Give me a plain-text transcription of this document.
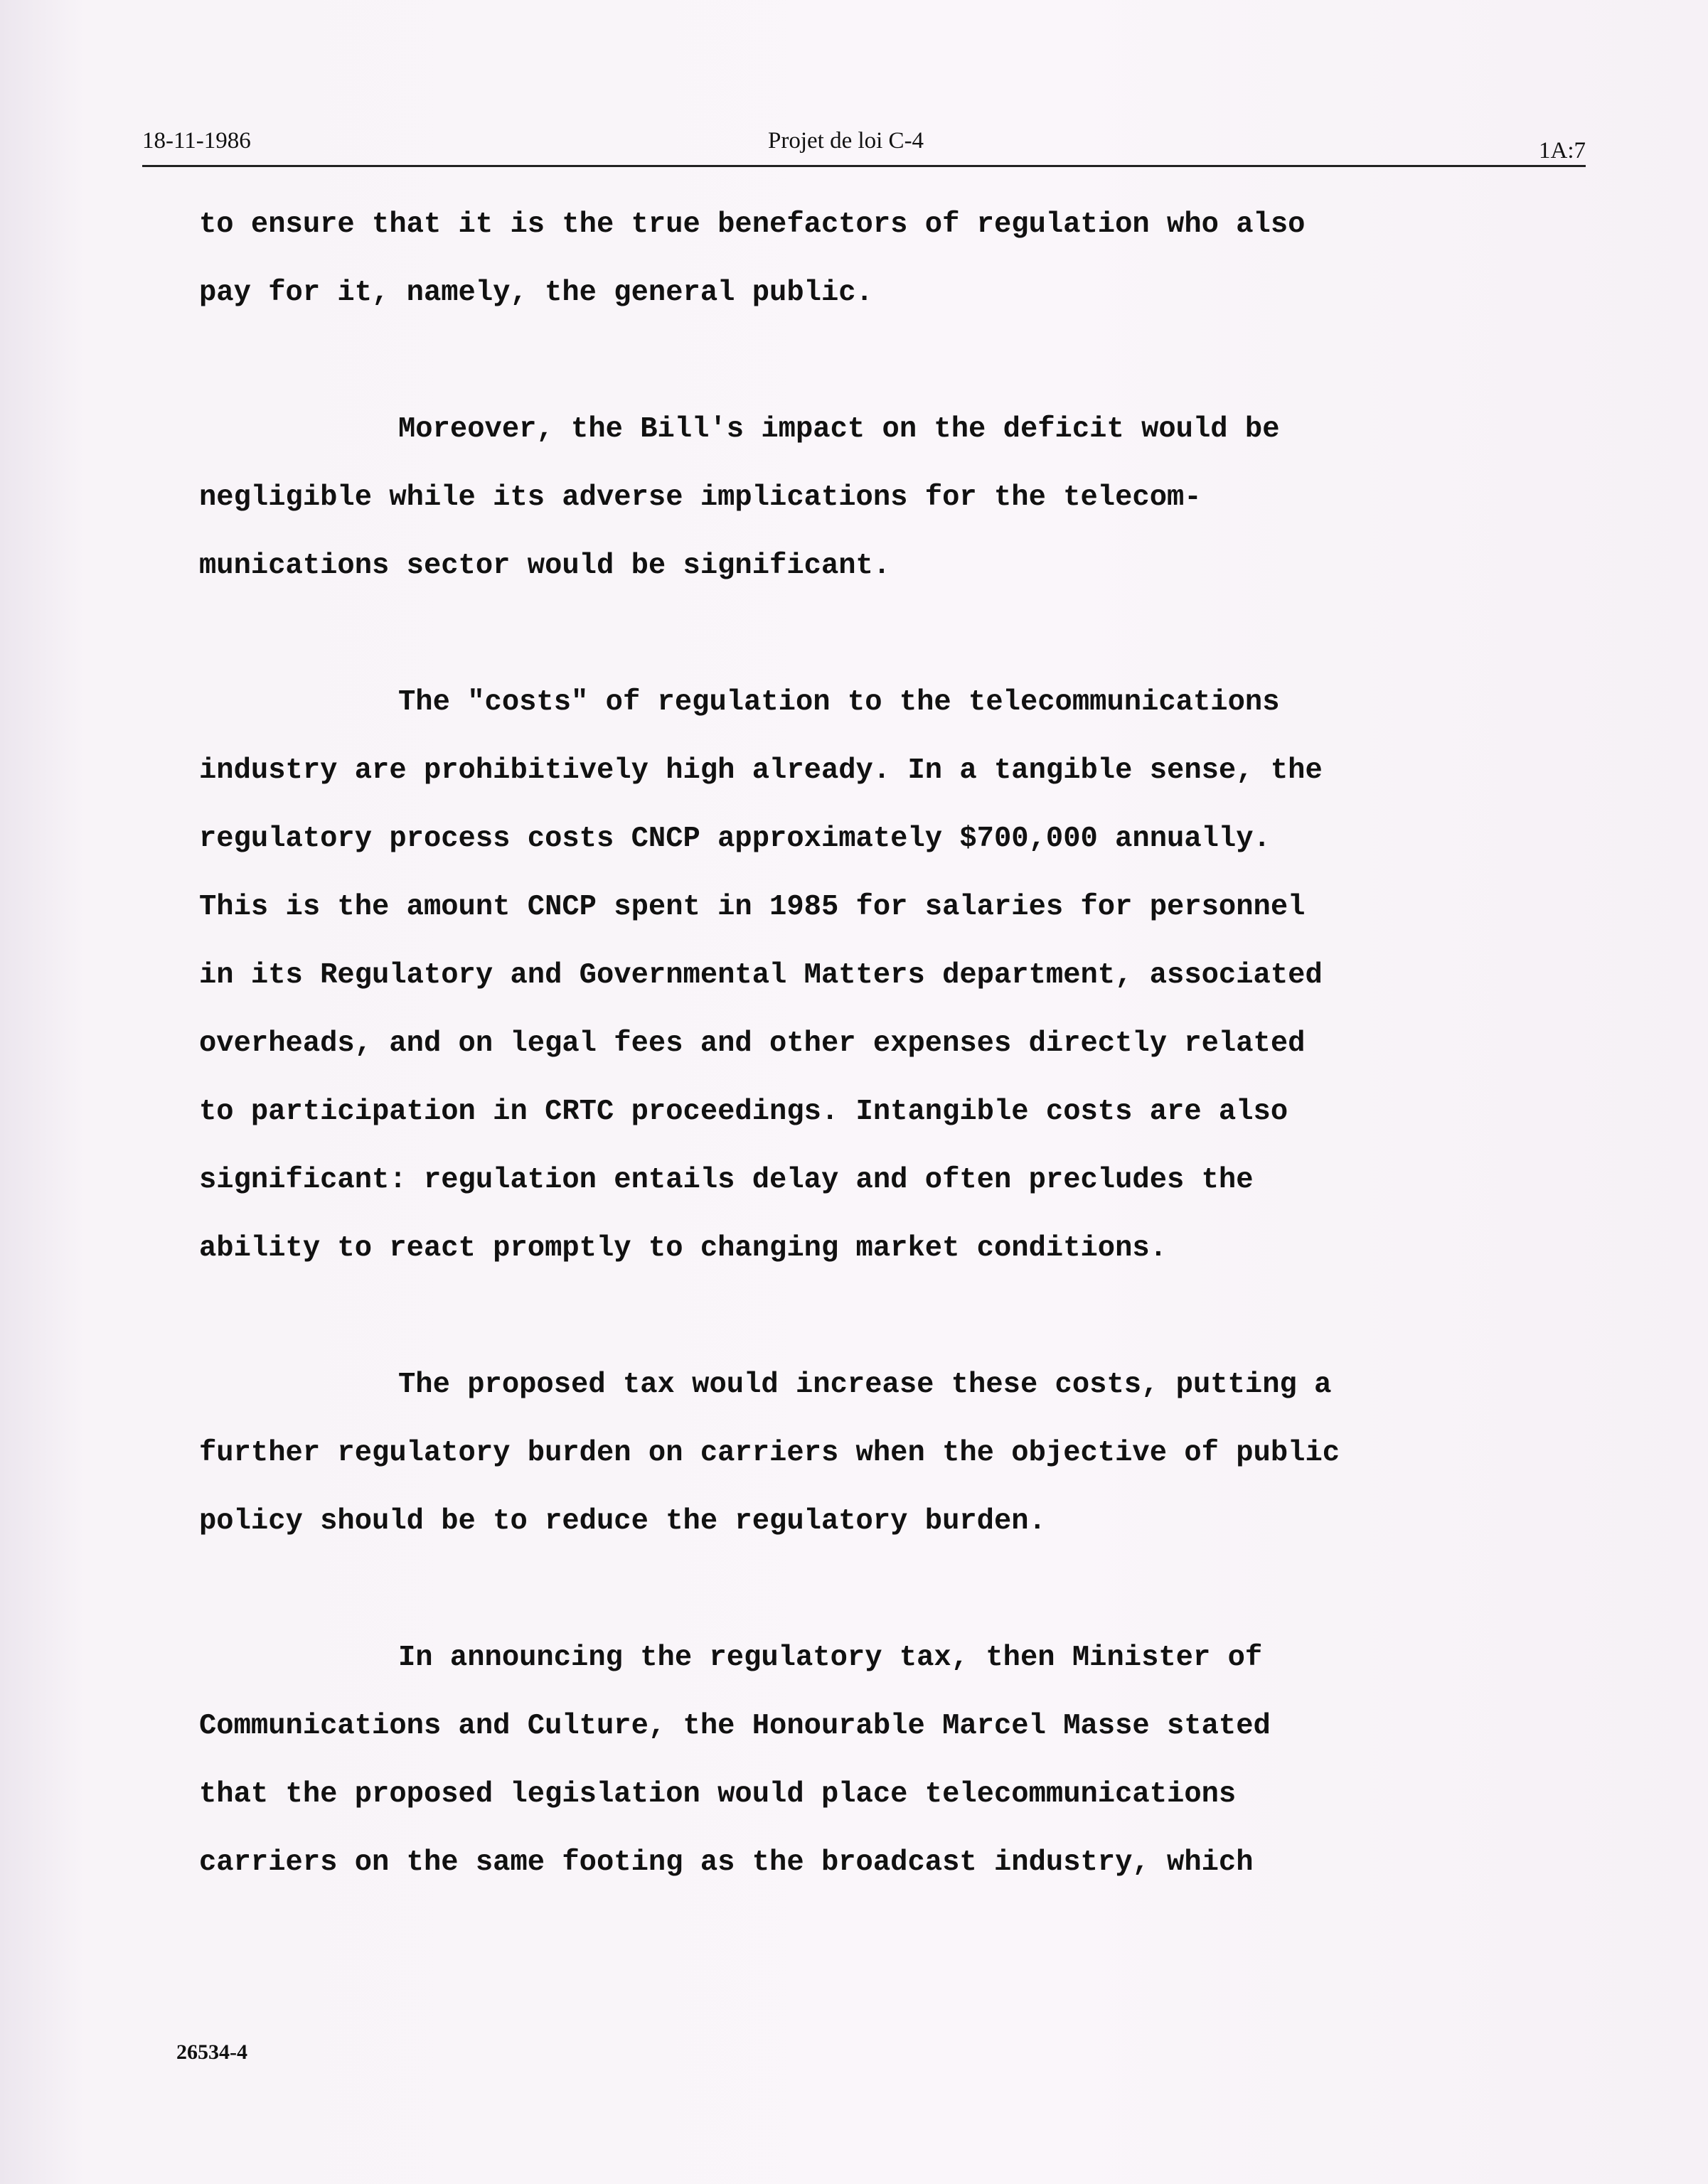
18-11-1986	Projet de loi C-4	1A:7
to ensure that it is the true benefactors of regulation who also
pay for it, namely, the general public.
Moreover, the Bill's impact on the deficit would be
negligible while its adverse implications for the telecom-
munications sector would be significant.
The "costs" of regulation to the telecommunications
industry are prohibitively high already. In a tangible sense, the
regulatory process costs CNCP approximately $700,000 annually.
This is the amount CNCP spent in 1985 for salaries for personnel
in its Regulatory and Governmental Matters department, associated
overheads, and on legal fees and other expenses directly related
to participation in CRTC proceedings. Intangible costs are also
significant: regulation entails delay and often precludes the
ability to react promptly to changing market conditions.
The proposed tax would increase these costs, putting a
further regulatory burden on carriers when the objective of public
policy should be to reduce the regulatory burden.
In announcing the regulatory tax, then Minister of
Communications and Culture, the Honourable Marcel Masse stated
that the proposed legislation would place telecommunications
carriers on the same footing as the broadcast industry, which
26534-4
